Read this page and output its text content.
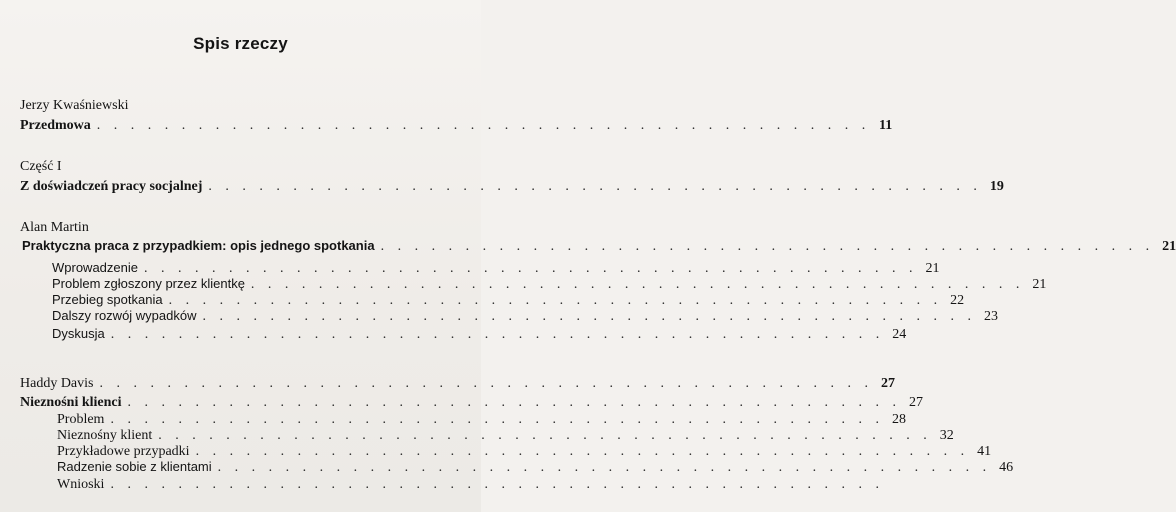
Spis rzeczy
Jerzy Kwaśniewski
Przedmowa . . . . . . . . . . . . . . . . . . . . . . . . . . . . . . . . . . . . . . . . . . . . . . 11
Część I
Z doświadczeń pracy socjalnej . . . . . . . . . . . . . . . . . . . . . . . . . . . . . . . . . . . . . . . . . . . . . . 19
Alan Martin
Praktyczna praca z przypadkiem: opis jednego spotkania . . . . . . . . . . . . . . . . . . . . . . . . . . . . . . . . . . . . . . . . . . . . . . 21
Wprowadzenie . . . . . . . . . . . . . . . . . . . . . . . . . . . . . . . . . . . . . . . . . . . . . . 21
Problem zgłoszony przez klientkę . . . . . . . . . . . . . . . . . . . . . . . . . . . . . . . . . . . . . . . . . . . . . . 21
Przebieg spotkania . . . . . . . . . . . . . . . . . . . . . . . . . . . . . . . . . . . . . . . . . . . . . . 22
Dalszy rozwój wypadków . . . . . . . . . . . . . . . . . . . . . . . . . . . . . . . . . . . . . . . . . . . . . . 23
Dyskusja . . . . . . . . . . . . . . . . . . . . . . . . . . . . . . . . . . . . . . . . . . . . . . 24
Haddy Davis . . . . . . . . . . . . . . . . . . . . . . . . . . . . . . . . . . . . . . . . . . . . . . 27
Nieznośni klienci . . . . . . . . . . . . . . . . . . . . . . . . . . . . . . . . . . . . . . . . . . . . . . 27
Problem . . . . . . . . . . . . . . . . . . . . . . . . . . . . . . . . . . . . . . . . . . . . . . 28
Nieznośny klient . . . . . . . . . . . . . . . . . . . . . . . . . . . . . . . . . . . . . . . . . . . . . . 32
Przykładowe przypadki . . . . . . . . . . . . . . . . . . . . . . . . . . . . . . . . . . . . . . . . . . . . . . 41
Radzenie sobie z klientami . . . . . . . . . . . . . . . . . . . . . . . . . . . . . . . . . . . . . . . . . . . . . . 46
Wnioski . . . . . . . . . . . . . . . . . . . . . . . . . . . . . . . . . . . . . . . . . . . . . .
